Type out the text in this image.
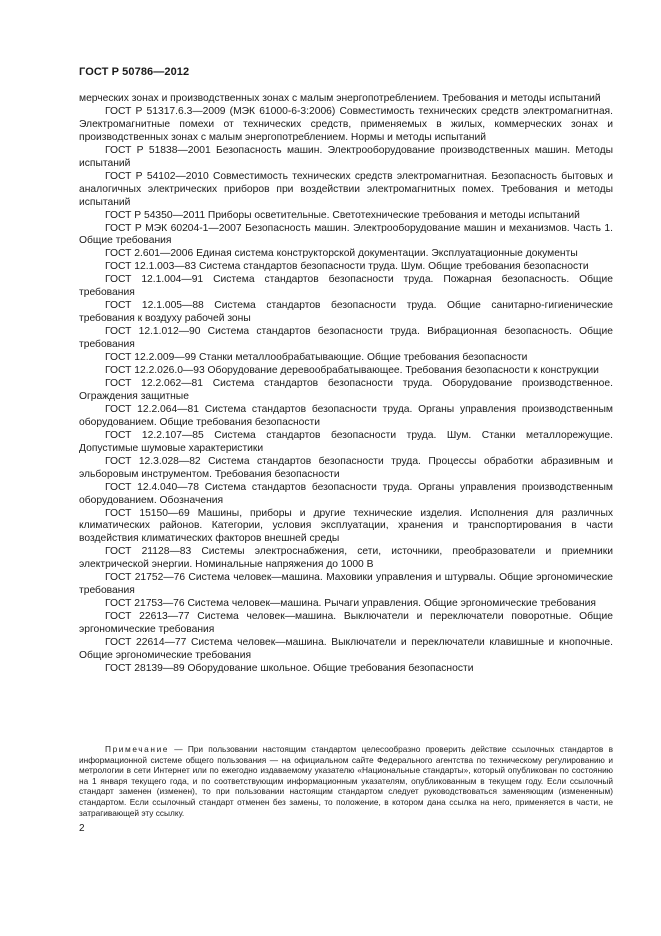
ГОСТ Р 50786—2012

мерческих зонах и производственных зонах с малым энергопотреблением. Требования и методы испытаний

ГОСТ Р 51317.6.3—2009 (МЭК 61000-6-3:2006) Совместимость технических средств электромагнитная. Электромагнитные помехи от технических средств, применяемых в жилых, коммерческих зонах и производственных зонах с малым энергопотреблением. Нормы и методы испытаний

ГОСТ Р 51838—2001 Безопасность машин. Электрооборудование производственных машин. Методы испытаний

ГОСТ Р 54102—2010 Совместимость технических средств электромагнитная. Безопасность бытовых и аналогичных электрических приборов при воздействии электромагнитных помех. Требования и методы испытаний

ГОСТ Р 54350—2011 Приборы осветительные. Светотехнические требования и методы испытаний

ГОСТ Р МЭК 60204-1—2007 Безопасность машин. Электрооборудование машин и механизмов. Часть 1. Общие требования

ГОСТ 2.601—2006 Единая система конструкторской документации. Эксплуатационные документы

ГОСТ 12.1.003—83 Система стандартов безопасности труда. Шум. Общие требования безопасности

ГОСТ 12.1.004—91 Система стандартов безопасности труда. Пожарная безопасность. Общие требования

ГОСТ 12.1.005—88 Система стандартов безопасности труда. Общие санитарно-гигиенические требования к воздуху рабочей зоны

ГОСТ 12.1.012—90 Система стандартов безопасности труда. Вибрационная безопасность. Общие требования

ГОСТ 12.2.009—99 Станки металлообрабатывающие. Общие требования безопасности

ГОСТ 12.2.026.0—93 Оборудование деревообрабатывающее. Требования безопасности к конструкции

ГОСТ 12.2.062—81 Система стандартов безопасности труда. Оборудование производственное. Ограждения защитные

ГОСТ 12.2.064—81 Система стандартов безопасности труда. Органы управления производственным оборудованием. Общие требования безопасности

ГОСТ 12.2.107—85 Система стандартов безопасности труда. Шум. Станки металлорежущие. Допустимые шумовые характеристики

ГОСТ 12.3.028—82 Система стандартов безопасности труда. Процессы обработки абразивным и эльборовым инструментом. Требования безопасности

ГОСТ 12.4.040—78 Система стандартов безопасности труда. Органы управления производственным оборудованием. Обозначения

ГОСТ 15150—69 Машины, приборы и другие технические изделия. Исполнения для различных климатических районов. Категории, условия эксплуатации, хранения и транспортирования в части воздействия климатических факторов внешней среды

ГОСТ 21128—83 Системы электроснабжения, сети, источники, преобразователи и приемники электрической энергии. Номинальные напряжения до 1000 В

ГОСТ 21752—76 Система человек—машина. Маховики управления и штурвалы. Общие эргономические требования

ГОСТ 21753—76 Система человек—машина. Рычаги управления. Общие эргономические требования

ГОСТ 22613—77 Система человек—машина. Выключатели и переключатели поворотные. Общие эргономические требования

ГОСТ 22614—77 Система человек—машина. Выключатели и переключатели клавишные и кнопочные. Общие эргономические требования

ГОСТ 28139—89 Оборудование школьное. Общие требования безопасности

Примечание — При пользовании настоящим стандартом целесообразно проверить действие ссылочных стандартов в информационной системе общего пользования — на официальном сайте Федерального агентства по техническому регулированию и метрологии в сети Интернет или по ежегодно издаваемому указателю «Национальные стандарты», который опубликован по состоянию на 1 января текущего года, и по соответствующим информационным указателям, опубликованным в текущем году. Если ссылочный стандарт заменен (изменен), то при пользовании настоящим стандартом следует руководствоваться заменяющим (измененным) стандартом. Если ссылочный стандарт отменен без замены, то положение, в котором дана ссылка на него, применяется в части, не затрагивающей эту ссылку.
2
